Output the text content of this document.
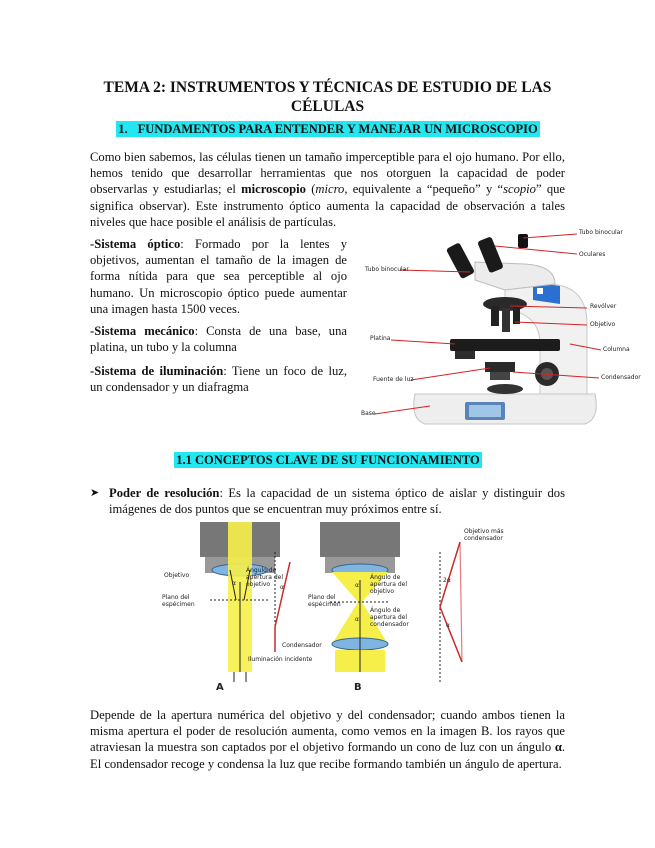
TEMA 2: INSTRUMENTOS Y TÉCNICAS DE ESTUDIO DE LAS
CÉLULAS
1. FUNDAMENTOS PARA ENTENDER Y MANEJAR UN MICROSCOPIO

Como bien sabemos, las células tienen un tamaño imperceptible para el ojo humano. Por ello, hemos tenido que desarrollar herramientas que nos otorguen la capacidad de poder observarlas y estudiarlas; el microscopio (micro, equivalente a “pequeño” y “scopio” que significa observar). Este instrumento óptico aumenta la capacidad de observación a tales niveles que hace posible el análisis de partículas.

-Sistema óptico: Formado por la lentes y objetivos, aumentan el tamaño de la imagen de forma nítida para que sea perceptible al ojo humano. Un microscopio óptico puede aumentar una imagen hasta 1500 veces.

-Sistema mecánico: Consta de una base, una platina, un tubo y la columna

-Sistema de iluminación: Tiene un foco de luz, un condensador y un diafragma

Tubo binocular
Oculares
Tubo binocular
Revólver
Objetivo
Platina
Columna
Fuente de luz	Condensador
Base
1.1 CONCEPTOS CLAVE DE SU FUNCIONAMIENTO
➤ Poder de resolución: Es la capacidad de un sistema óptico de aislar y distinguir dos imágenes de dos puntos que se encuentran muy próximos entre sí.
Objetivo
Ángulo de apertura del objetivo
Plano del espécimen
Condensador
Iluminación incidente
Plano del espécimen
Ángulo de apertura del objetivo
Ángulo de apertura del condensador
Objetivo más condensador
A	B
α
α	α
α
2α
α

Depende de la apertura numérica del objetivo y del condensador; cuando ambos tienen la misma apertura el poder de resolución aumenta, como vemos en la imagen B. los rayos que atraviesan la muestra son captados por el objetivo formando un cono de luz con un ángulo α. El condensador recoge y condensa la luz que recibe formando también un ángulo de apertura.
